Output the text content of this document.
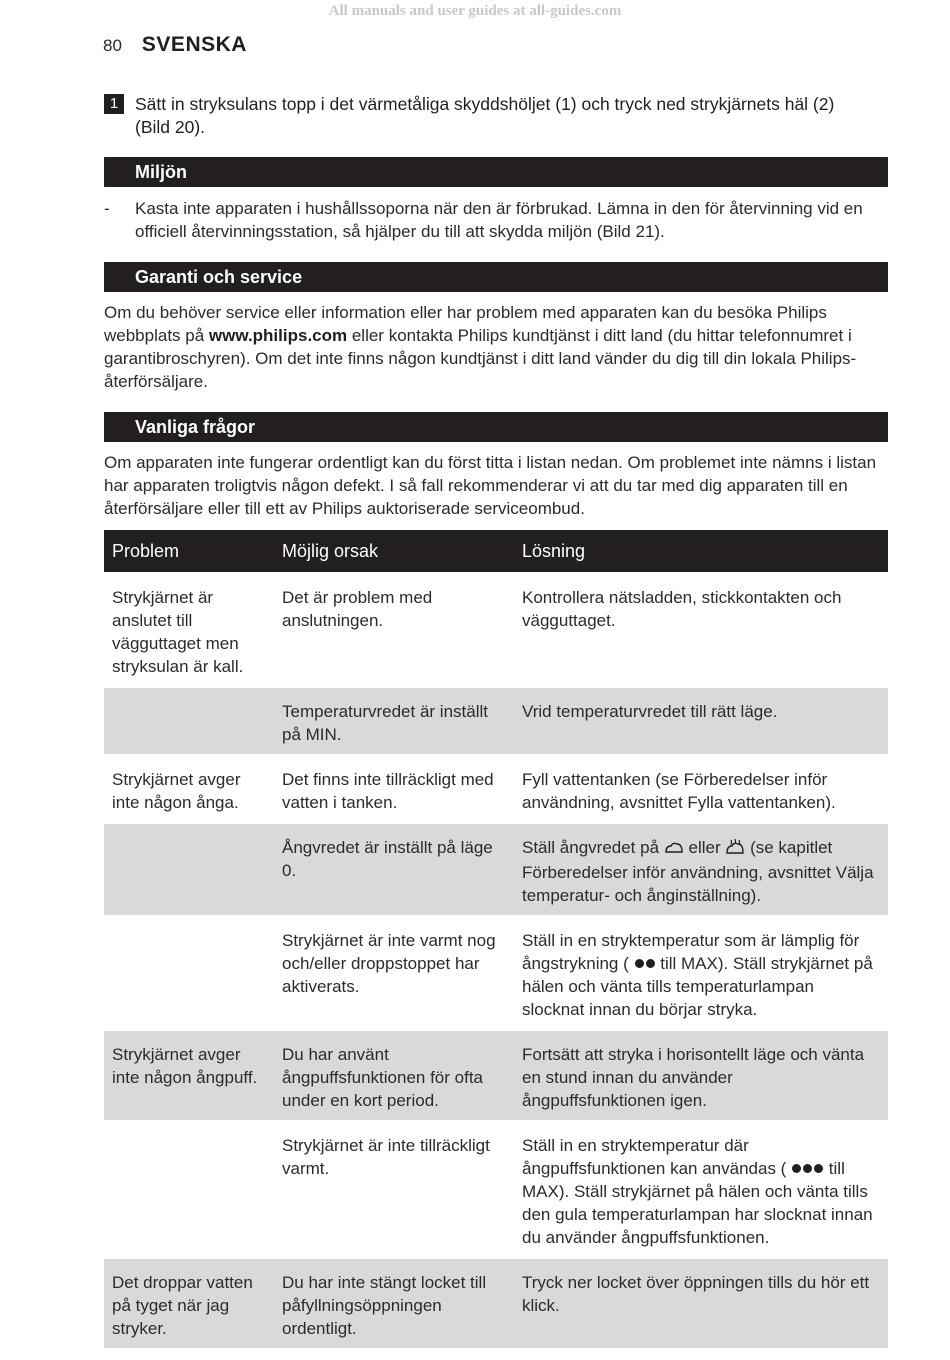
All manuals and user guides at all-guides.com
80 SVENSKA
1 Sätt in stryksulans topp i det värmetåliga skyddshöljet (1) och tryck ned strykjärnets häl (2) (Bild 20).
Miljön
-	Kasta inte apparaten i hushållssoporna när den är förbrukad. Lämna in den för återvinning vid en officiell återvinningsstation, så hjälper du till att skydda miljön (Bild 21).
Garanti och service
Om du behöver service eller information eller har problem med apparaten kan du besöka Philips webbplats på www.philips.com eller kontakta Philips kundtjänst i ditt land (du hittar telefonnumret i garantibroschyren). Om det inte finns någon kundtjänst i ditt land vänder du dig till din lokala Philips-återförsäljare.
Vanliga frågor
Om apparaten inte fungerar ordentligt kan du först titta i listan nedan. Om problemet inte nämns i listan har apparaten troligtvis någon defekt. I så fall rekommenderar vi att du tar med dig apparaten till en återförsäljare eller till ett av Philips auktoriserade serviceombud.
Problem	Möjlig orsak	Lösning
Strykjärnet är anslutet till vägguttaget men stryksulan är kall.	Det är problem med anslutningen.	Kontrollera nätsladden, stickkontakten och vägguttaget.
	Temperaturvredet är inställt på MIN.	Vrid temperaturvredet till rätt läge.
Strykjärnet avger inte någon ånga.	Det finns inte tillräckligt med vatten i tanken.	Fyll vattentanken (se Förberedelser inför användning, avsnittet Fylla vattentanken).
	Ångvredet är inställt på läge 0.	Ställ ångvredet på  eller  (se kapitlet Förberedelser inför användning, avsnittet Välja temperatur- och ånginställning).
	Strykjärnet är inte varmt nog och/eller droppstoppet har aktiverats.	Ställ in en stryktemperatur som är lämplig för ångstrykning (  till MAX). Ställ strykjärnet på hälen och vänta tills temperaturlampan slocknat innan du börjar stryka.
Strykjärnet avger inte någon ångpuff.	Du har använt ångpuffsfunktionen för ofta under en kort period.	Fortsätt att stryka i horisontellt läge och vänta en stund innan du använder ångpuffsfunktionen igen.
	Strykjärnet är inte tillräckligt varmt.	Ställ in en stryktemperatur där ångpuffsfunktionen kan användas (  till MAX). Ställ strykjärnet på hälen och vänta tills den gula temperaturlampan har slocknat innan du använder ångpuffsfunktionen.
Det droppar vatten på tyget när jag stryker.	Du har inte stängt locket till påfyllningsöppningen ordentligt.	Tryck ner locket över öppningen tills du hör ett klick.
